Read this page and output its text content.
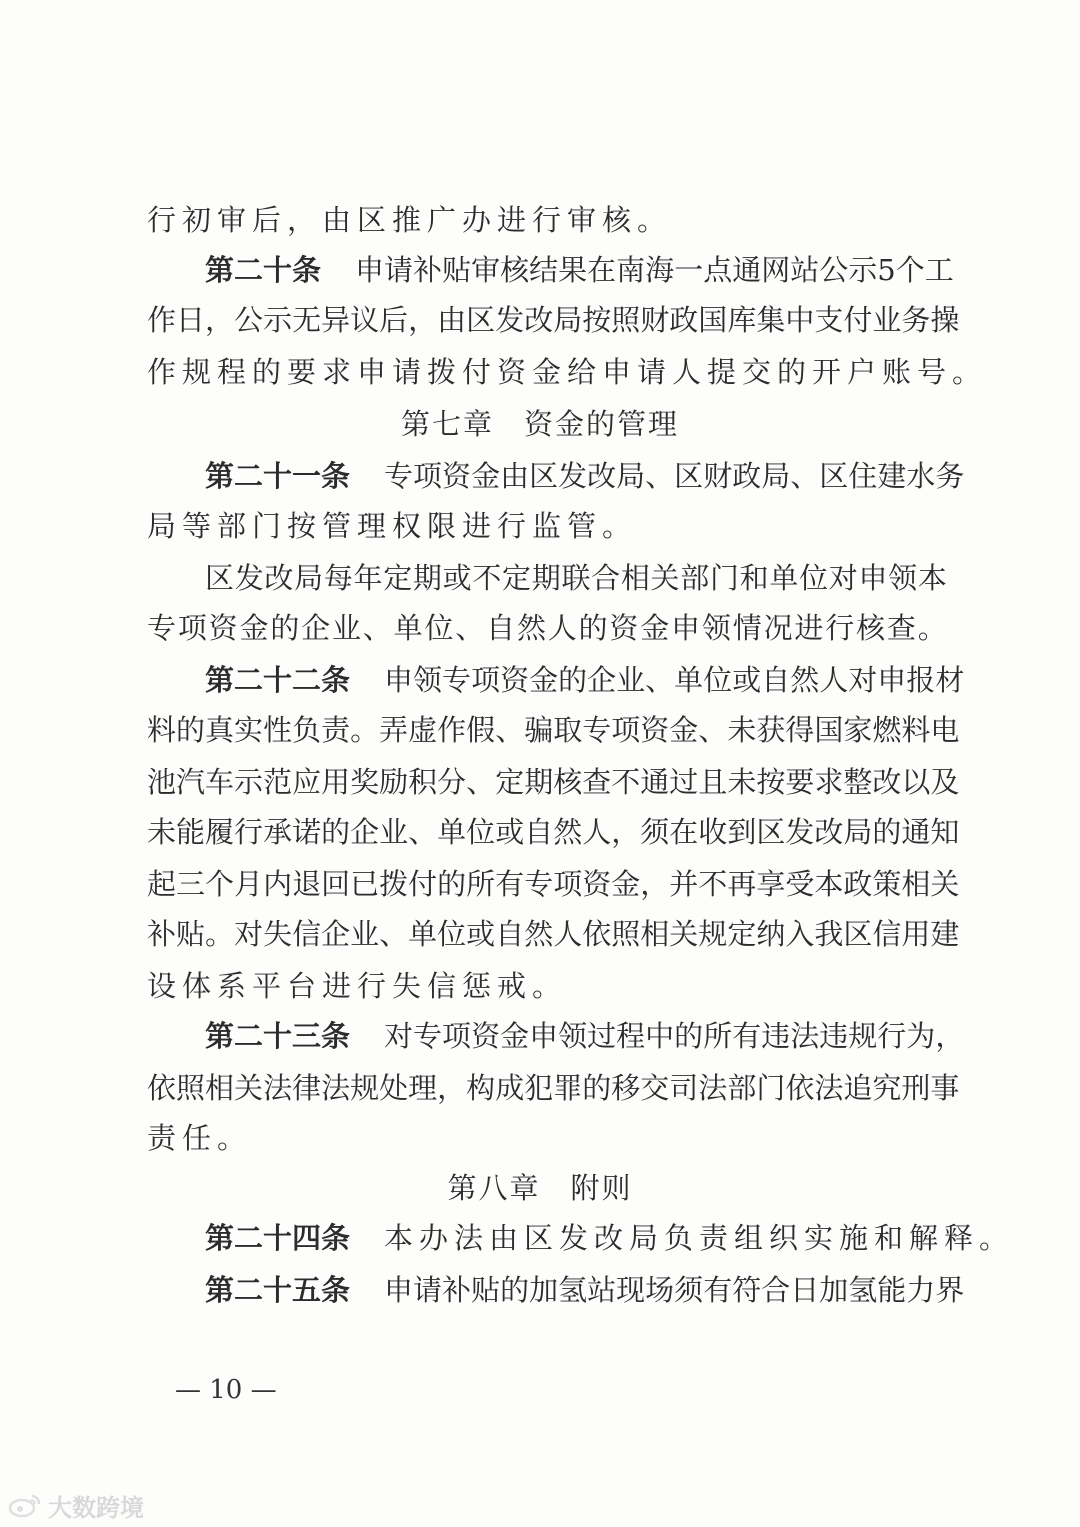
行初审后，由区推广办进行审核。
第二十条 申 请 补 贴 审 核 结 果 在 南 海 一 点 通 网 站 公 示 5 个 工
作 日 ， 公 示 无 异 议 后 ， 由 区 发 改 局 按 照 财 政 国 库 集 中 支 付 业 务 操
作规程的要求申请拨付资金给申请人提交的开户账号。
第七章 资金的管理
第二十一条 专 项 资 金 由 区 发 改 局 、 区 财 政 局 、 区 住 建 水 务
局等部门按管理权限进行监管。
区 发 改 局 每 年 定 期 或 不 定 期 联 合 相 关 部 门 和 单 位 对 申 领 本
专 项 资 金 的 企 业 、 单 位 、 自 然 人 的 资 金 申 领 情 况 进 行 核 查 。
第二十二条 申 领 专 项 资 金 的 企 业 、 单 位 或 自 然 人 对 申 报 材
料 的 真 实 性 负 责 。 弄 虚 作 假 、 骗 取 专 项 资 金 、 未 获 得 国 家 燃 料 电
池 汽 车 示 范 应 用 奖 励 积 分 、 定 期 核 查 不 通 过 且 未 按 要 求 整 改 以 及
未 能 履 行 承 诺 的 企 业 、 单 位 或 自 然 人 ， 须 在 收 到 区 发 改 局 的 通 知
起 三 个 月 内 退 回 已 拨 付 的 所 有 专 项 资 金 ， 并 不 再 享 受 本 政 策 相 关
补 贴 。 对 失 信 企 业 、 单 位 或 自 然 人 依 照 相 关 规 定 纳 入 我 区 信 用 建
设体系平台进行失信惩戒。
第二十三条 对 专 项 资 金 申 领 过 程 中 的 所 有 违 法 违 规 行 为 ，
依 照 相 关 法 律 法 规 处 理 ， 构 成 犯 罪 的 移 交 司 法 部 门 依 法 追 究 刑 事
责任。
第八章 附则
第二十四条 本办法由区发改局负责组织实施和解释。
第二十五条 申 请 补 贴 的 加 氢 站 现 场 须 有 符 合 日 加 氢 能 力 界
— 10 —
大数跨境
